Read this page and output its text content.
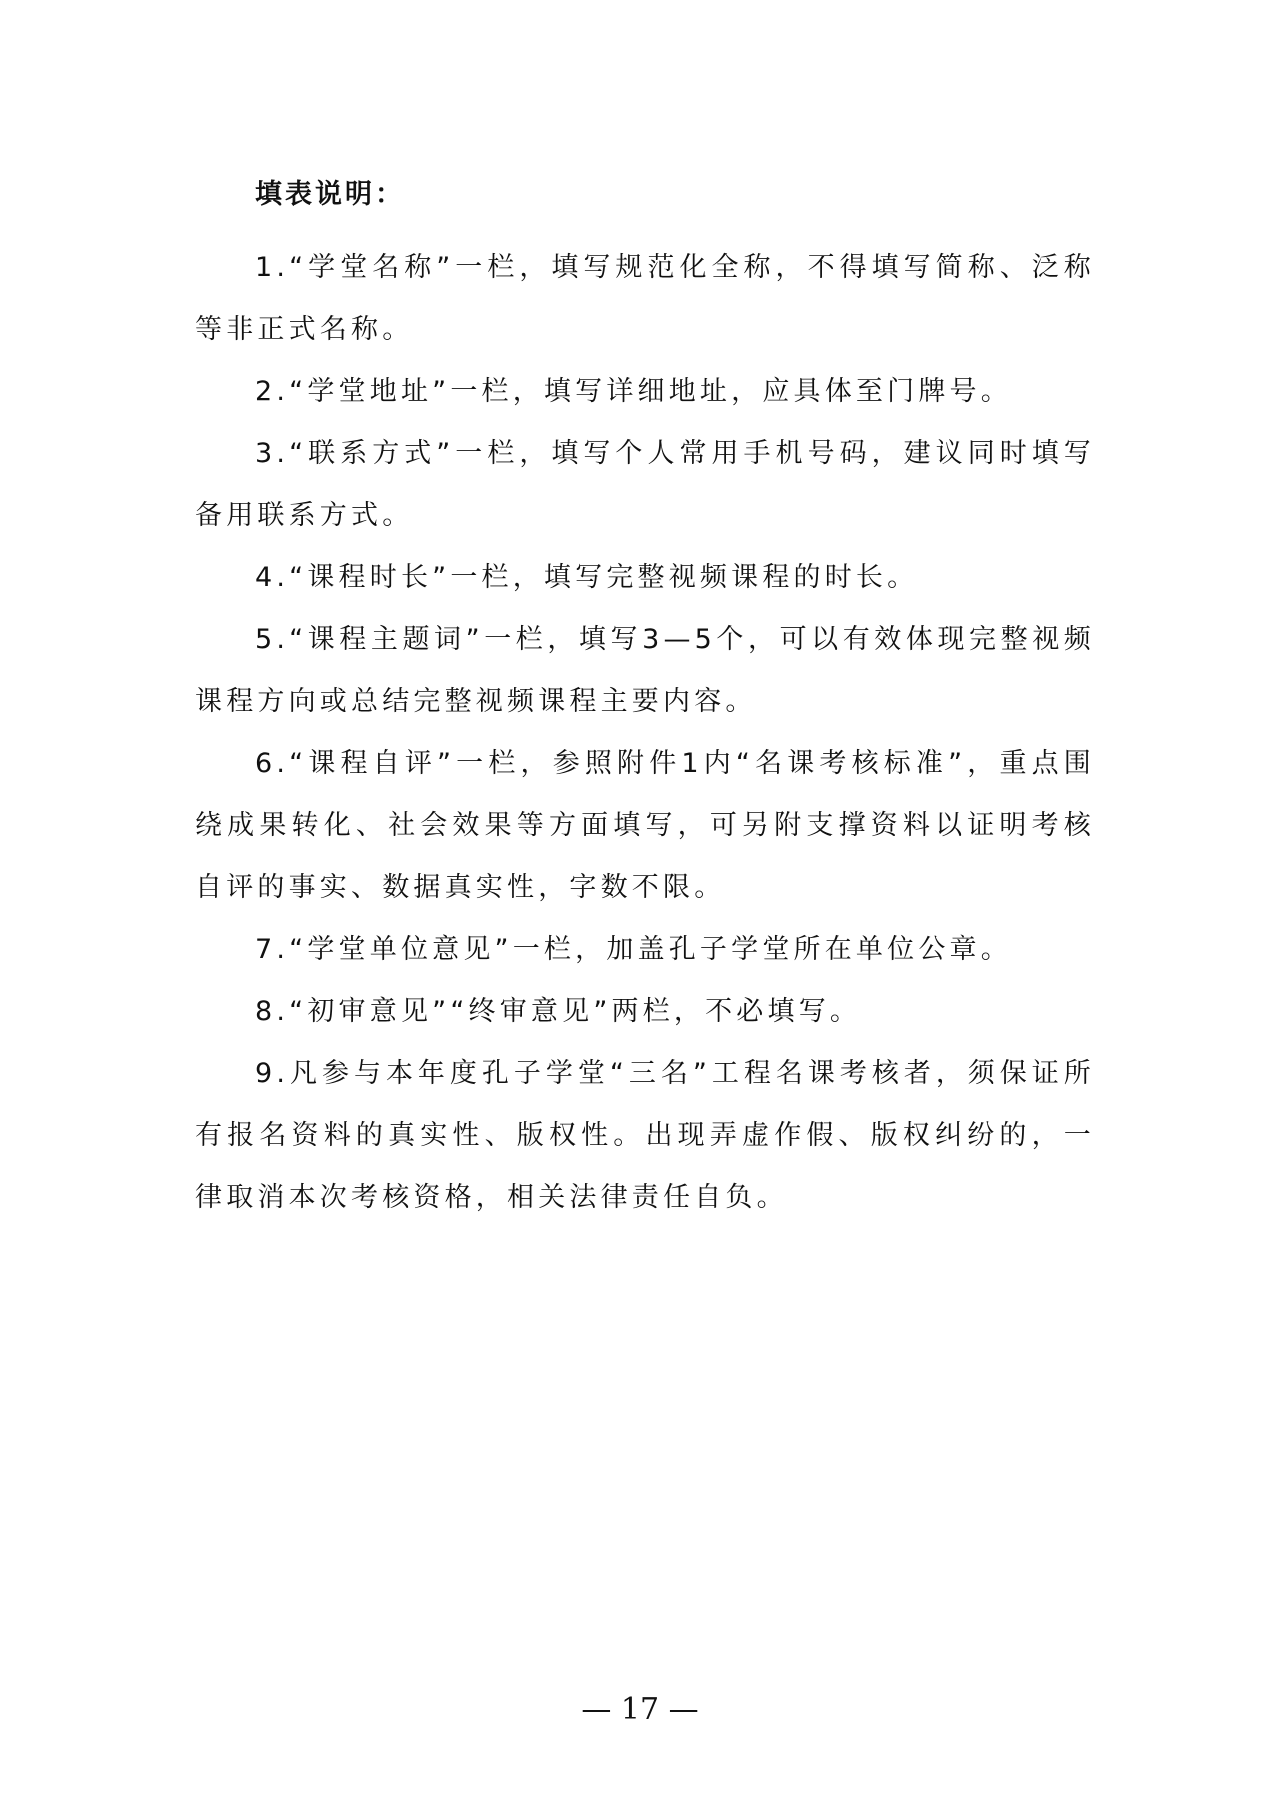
填表说明：

1.“学堂名称”一栏，填写规范化全称，不得填写简称、泛称等非正式名称。

2.“学堂地址”一栏，填写详细地址，应具体至门牌号。

3.“联系方式”一栏，填写个人常用手机号码，建议同时填写备用联系方式。

4.“课程时长”一栏，填写完整视频课程的时长。

5.“课程主题词”一栏，填写3—5个，可以有效体现完整视频课程方向或总结完整视频课程主要内容。

6.“课程自评”一栏，参照附件1内“名课考核标准”，重点围绕成果转化、社会效果等方面填写，可另附支撑资料以证明考核自评的事实、数据真实性，字数不限。

7.“学堂单位意见”一栏，加盖孔子学堂所在单位公章。

8.“初审意见”“终审意见”两栏，不必填写。

9.凡参与本年度孔子学堂“三名”工程名课考核者，须保证所有报名资料的真实性、版权性。出现弄虚作假、版权纠纷的，一律取消本次考核资格，相关法律责任自负。

— 17 —
